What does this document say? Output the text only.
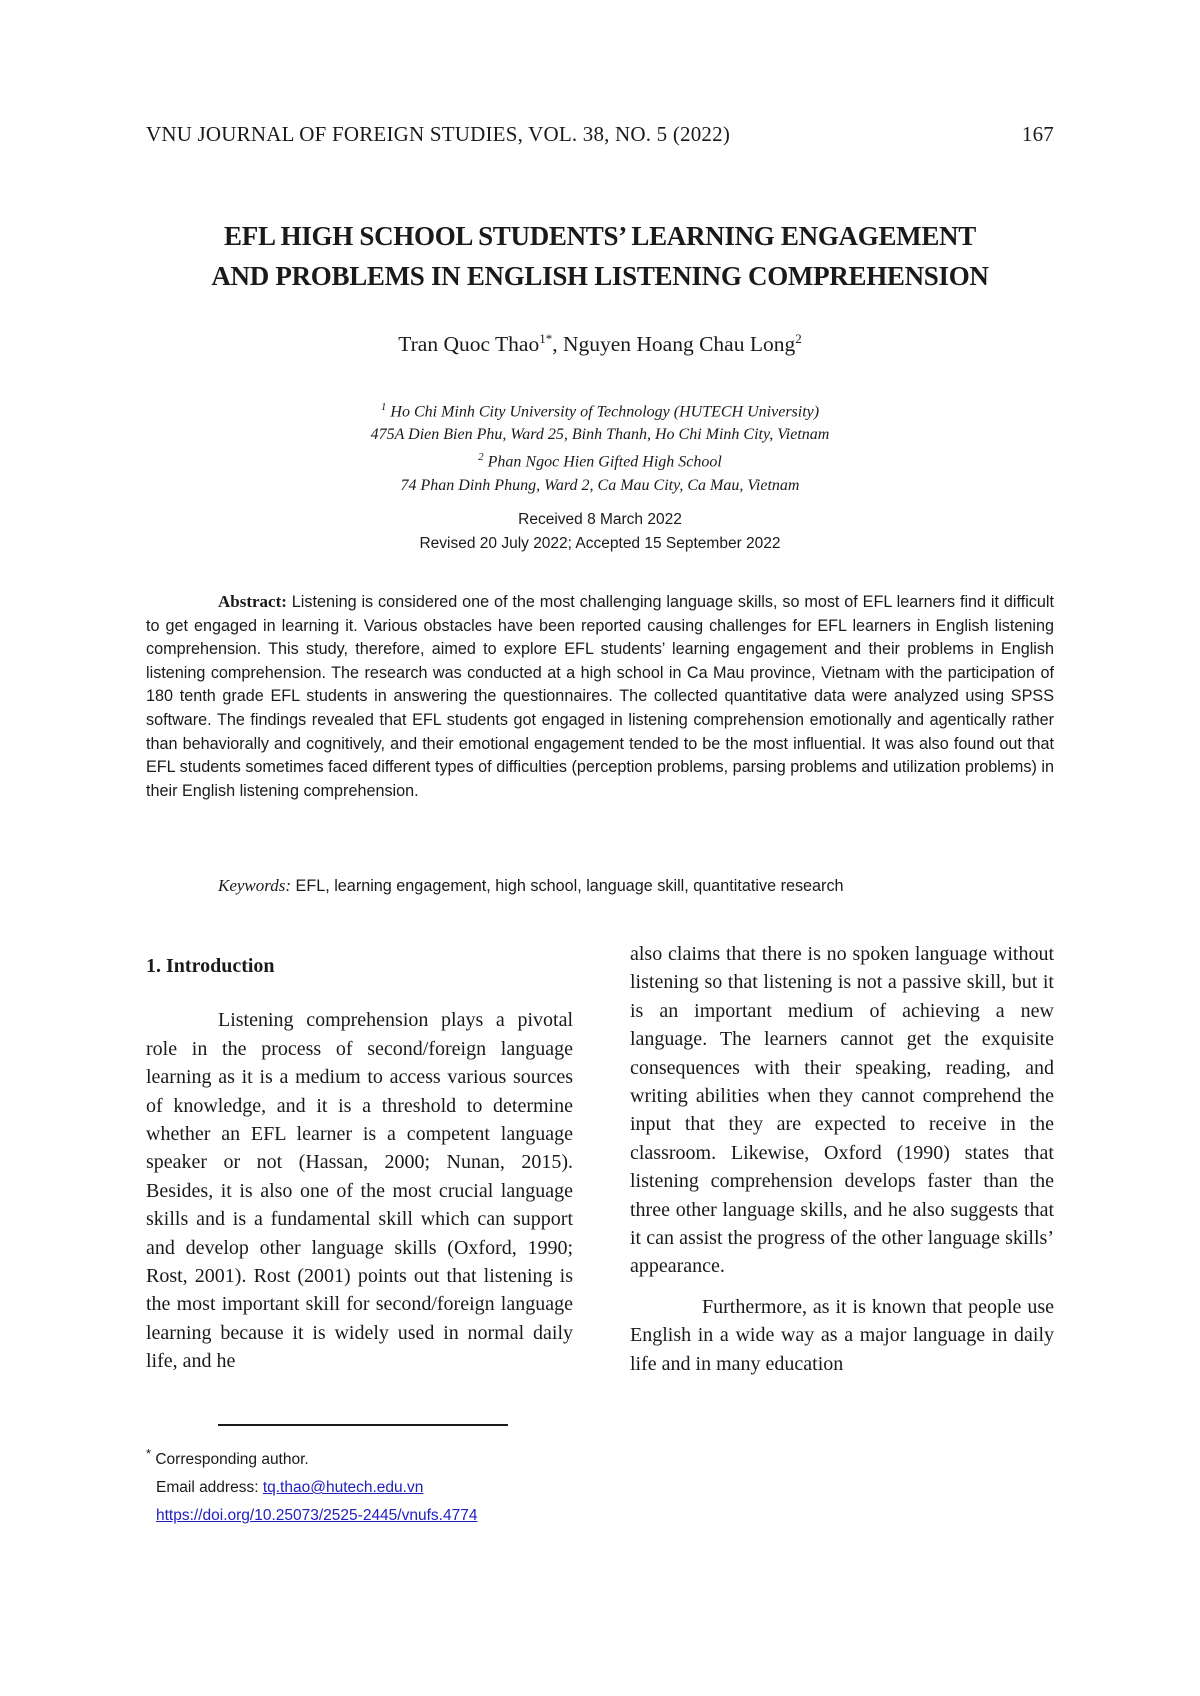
VNU JOURNAL OF FOREIGN STUDIES, VOL. 38, NO. 5 (2022)	167
EFL HIGH SCHOOL STUDENTS’ LEARNING ENGAGEMENT
AND PROBLEMS IN ENGLISH LISTENING COMPREHENSION
Tran Quoc Thao$^{1*}$, Nguyen Hoang Chau Long$^2$
$^1$ Ho Chi Minh City University of Technology (HUTECH University)
475A Dien Bien Phu, Ward 25, Binh Thanh, Ho Chi Minh City, Vietnam
$^2$ Phan Ngoc Hien Gifted High School
74 Phan Dinh Phung, Ward 2, Ca Mau City, Ca Mau, Vietnam
Received 8 March 2022
Revised 20 July 2022; Accepted 15 September 2022
Abstract: Listening is considered one of the most challenging language skills, so most of EFL learners find it difficult to get engaged in learning it. Various obstacles have been reported causing challenges for EFL learners in English listening comprehension. This study, therefore, aimed to explore EFL students’ learning engagement and their problems in English listening comprehension. The research was conducted at a high school in Ca Mau province, Vietnam with the participation of 180 tenth grade EFL students in answering the questionnaires. The collected quantitative data were analyzed using SPSS software. The findings revealed that EFL students got engaged in listening comprehension emotionally and agentically rather than behaviorally and cognitively, and their emotional engagement tended to be the most influential. It was also found out that EFL students sometimes faced different types of difficulties (perception problems, parsing problems and utilization problems) in their English listening comprehension.
Keywords: EFL, learning engagement, high school, language skill, quantitative research
1. Introduction

Listening comprehension plays a pivotal role in the process of second/foreign language learning as it is a medium to access various sources of knowledge, and it is a threshold to determine whether an EFL learner is a competent language speaker or not (Hassan, 2000; Nunan, 2015). Besides, it is also one of the most crucial language skills and is a fundamental skill which can support and develop other language skills (Oxford, 1990; Rost, 2001). Rost (2001) points out that listening is the most important skill for second/foreign language learning because it is widely used in normal daily life, and he

also claims that there is no spoken language without listening so that listening is not a passive skill, but it is an important medium of achieving a new language. The learners cannot get the exquisite consequences with their speaking, reading, and writing abilities when they cannot comprehend the input that they are expected to receive in the classroom. Likewise, Oxford (1990) states that listening comprehension develops faster than the three other language skills, and he also suggests that it can assist the progress of the other language skills’ appearance.

Furthermore, as it is known that people use English in a wide way as a major language in daily life and in many education

* Corresponding author.
Email address: tq.thao@hutech.edu.vn
https://doi.org/10.25073/2525-2445/vnufs.4774
